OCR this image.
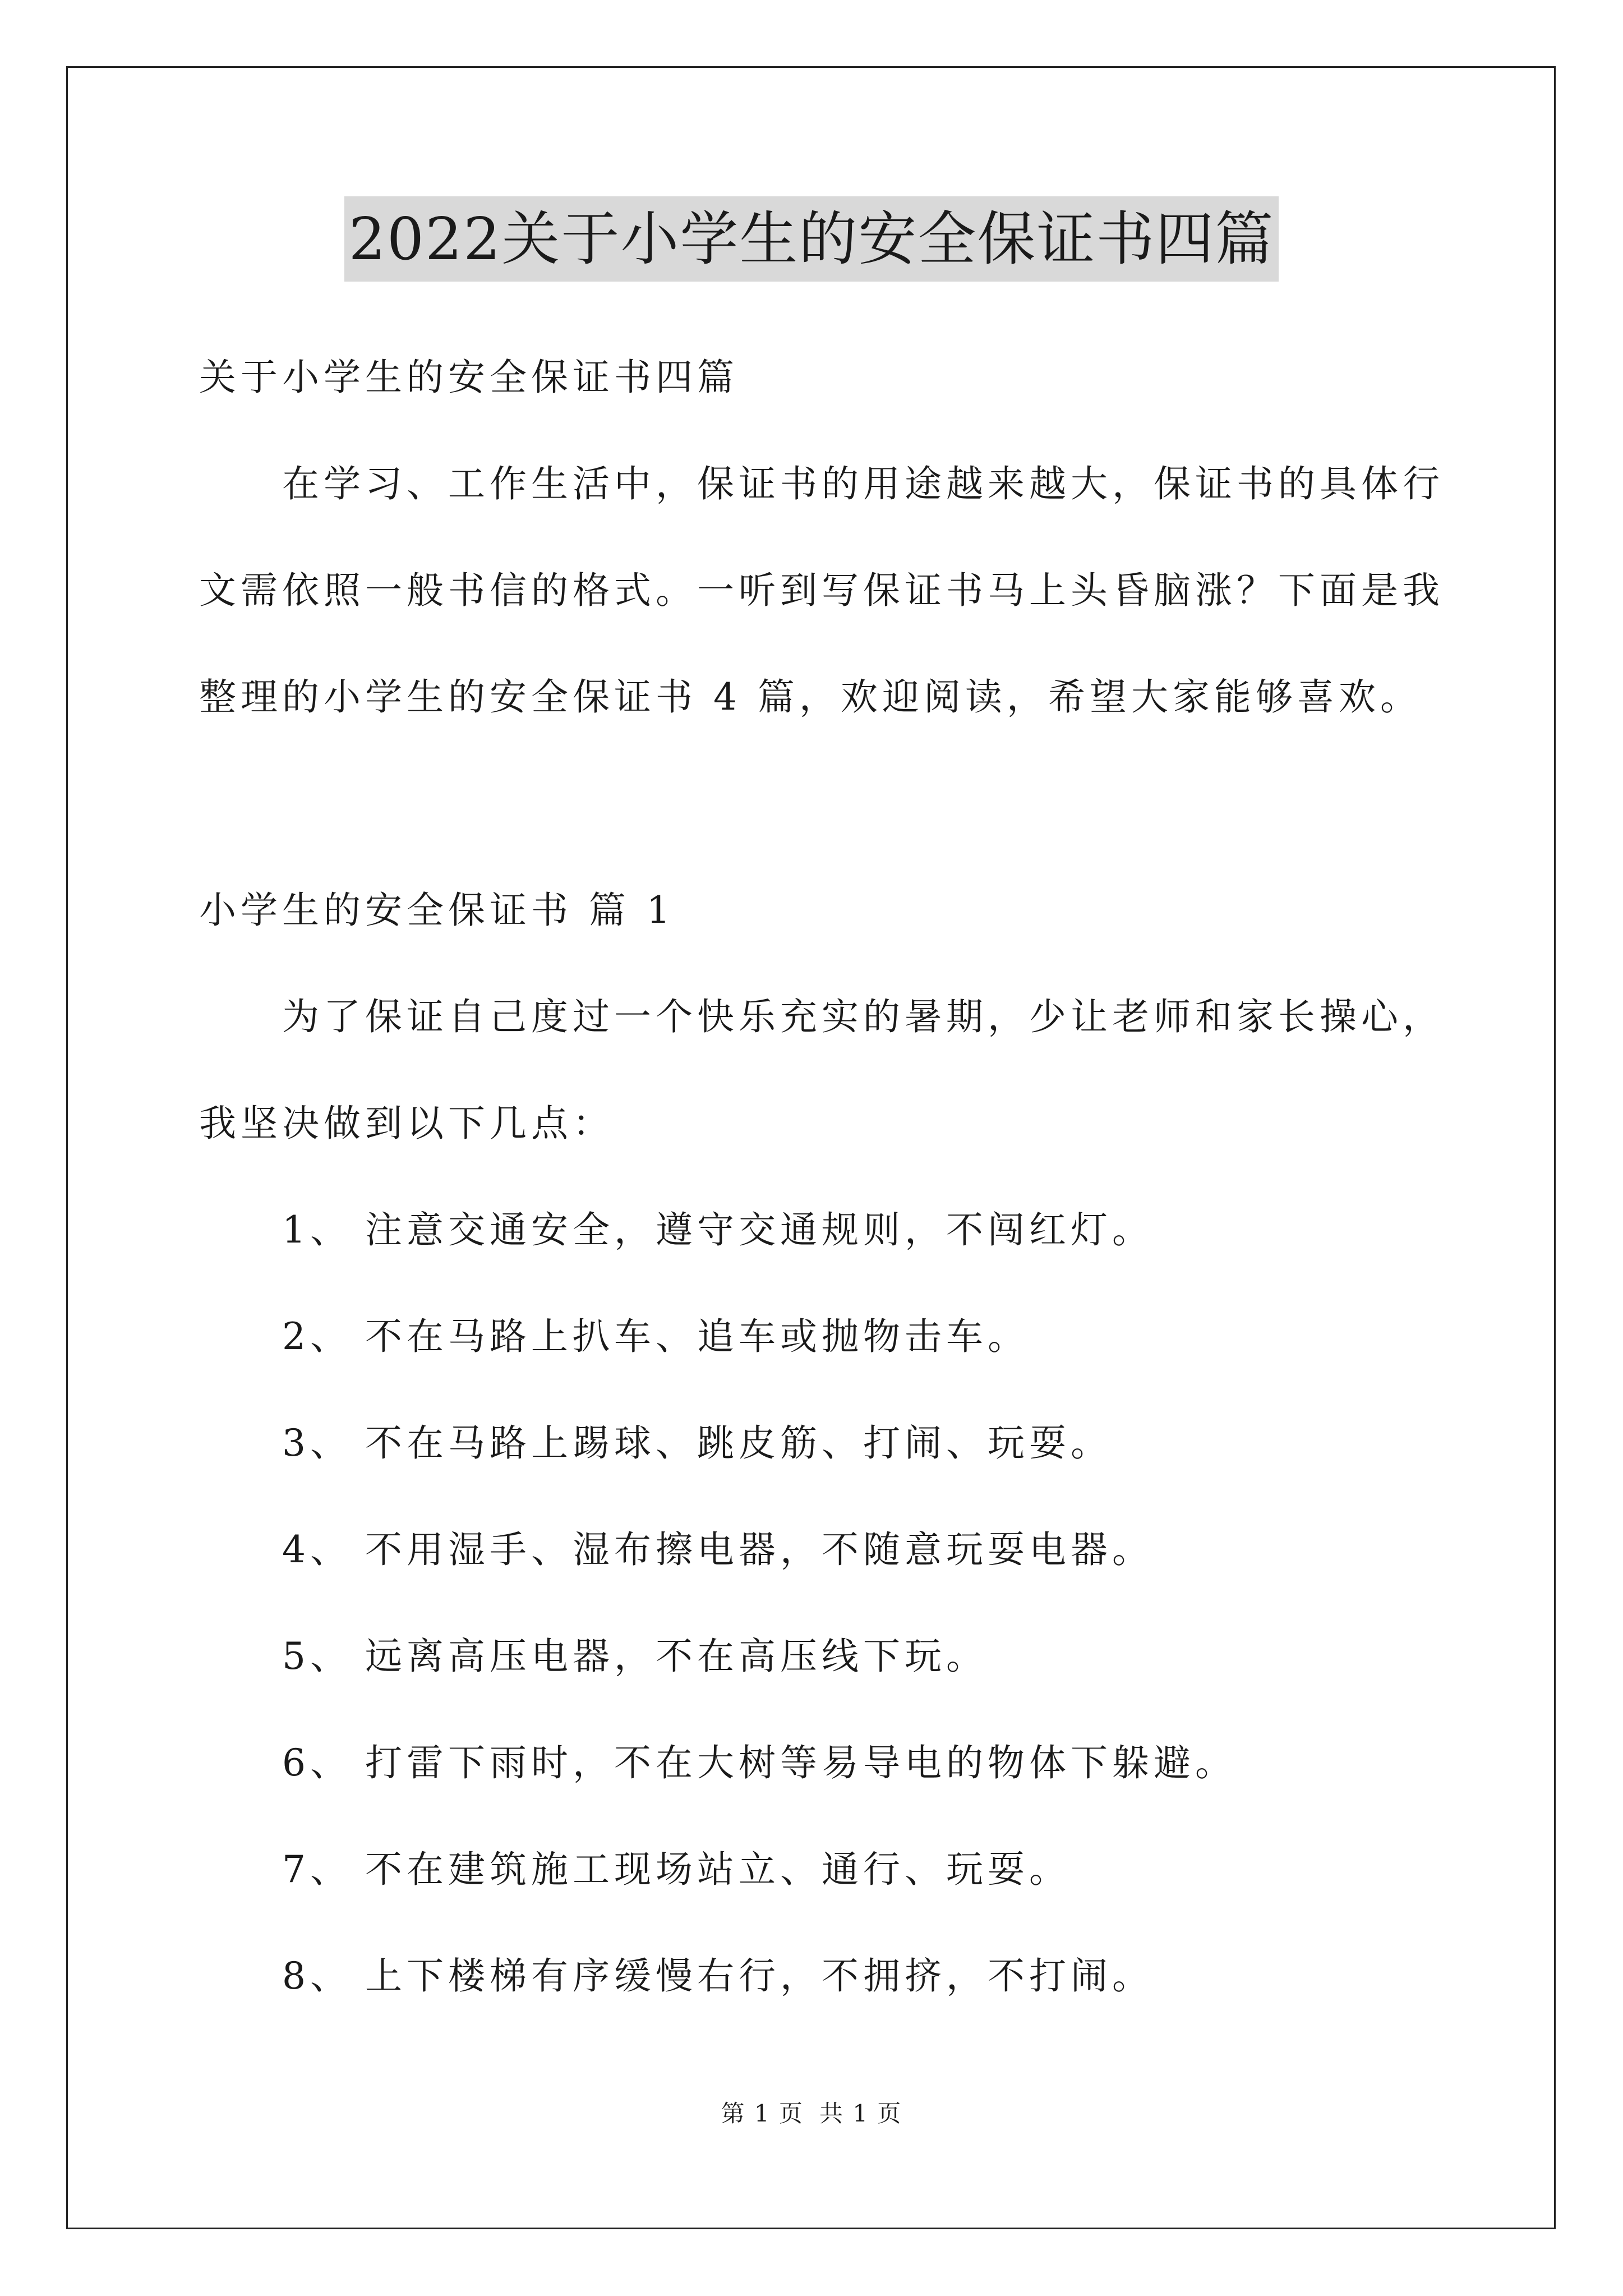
2022关于小学生的安全保证书四篇
关于小学生的安全保证书四篇
在学习、工作生活中，保证书的用途越来越大，保证书的具体行
文需依照一般书信的格式。一听到写保证书马上头昏脑涨？下面是我
整理的小学生的安全保证书 4 篇，欢迎阅读，希望大家能够喜欢。
小学生的安全保证书 篇 1
为了保证自己度过一个快乐充实的暑期，少让老师和家长操心，
我坚决做到以下几点：
1、 注意交通安全，遵守交通规则，不闯红灯。
2、 不在马路上扒车、追车或抛物击车。
3、 不在马路上踢球、跳皮筋、打闹、玩耍。
4、 不用湿手、湿布擦电器，不随意玩耍电器。
5、 远离高压电器，不在高压线下玩。
6、 打雷下雨时，不在大树等易导电的物体下躲避。
7、 不在建筑施工现场站立、通行、玩耍。
8、 上下楼梯有序缓慢右行，不拥挤，不打闹。
第 1 页 共 1 页
